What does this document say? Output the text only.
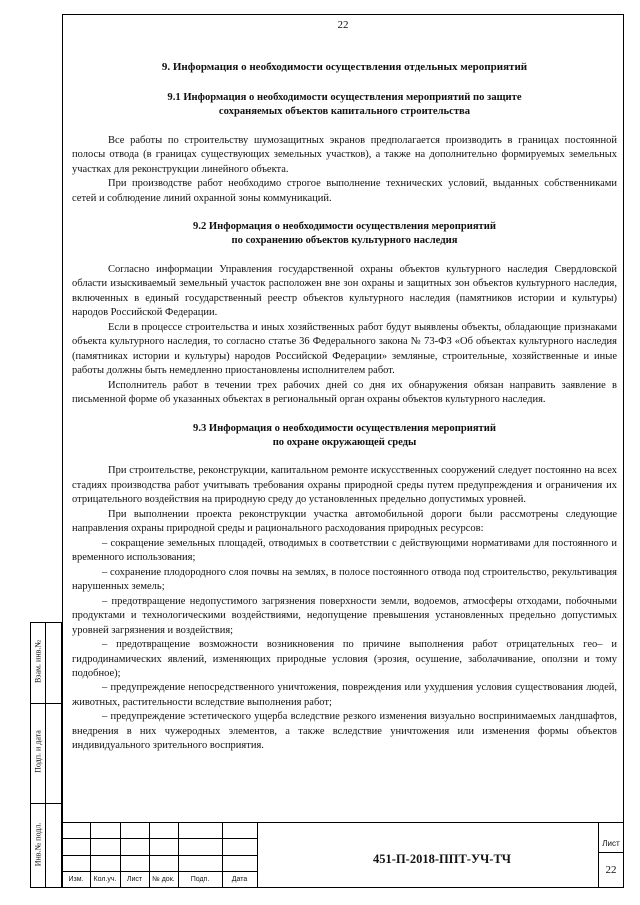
22
9. Информация о необходимости осуществления отдельных мероприятий
9.1 Информация о необходимости осуществления мероприятий по защите
сохраняемых объектов капитального строительства

Все работы по строительству шумозащитных экранов предполагается производить в границах постоянной полосы отвода (в границах существующих земельных участков), а также на дополнительно формируемых земельных участках для реконструкции линейного объекта.

При производстве работ необходимо строгое выполнение технических условий, выданных собственниками сетей и соблюдение линий охранной зоны коммуникаций.

9.2 Информация о необходимости осуществления мероприятий
по сохранению объектов культурного наследия

Согласно информации Управления государственной охраны объектов культурного наследия Свердловской области изыскиваемый земельный участок расположен вне зон охраны и защитных зон объектов культурного наследия, включенных в единый государственный реестр объектов культурного наследия (памятников истории и культуры) народов Российской Федерации.

Если в процессе строительства и иных хозяйственных работ будут выявлены объекты, обладающие признаками объекта культурного наследия, то согласно статье 36 Федерального закона № 73-ФЗ «Об объектах культурного наследия (памятниках истории и культуры) народов Российской Федерации» земляные, строительные, хозяйственные и иные работы должны быть немедленно приостановлены исполнителем работ.

Исполнитель работ в течении трех рабочих дней со дня их обнаружения обязан направить заявление в письменной форме об указанных объектах в региональный орган охраны объектов культурного наследия.

9.3 Информация о необходимости осуществления мероприятий
по охране окружающей среды

При строительстве, реконструкции, капитальном ремонте искусственных сооружений следует постоянно на всех стадиях производства работ учитывать требования охраны природной среды путем предупреждения и ограничения их отрицательного воздействия на природную среду до установленных предельно допустимых уровней.

При выполнении проекта реконструкции участка автомобильной дороги были рассмотрены следующие направления охраны природной среды и рационального расходования природных ресурсов:

– сокращение земельных площадей, отводимых в соответствии с действующими нормативами для постоянного и временного использования;

– сохранение плодородного слоя почвы на землях, в полосе постоянного отвода под строительство, рекультивация нарушенных земель;

– предотвращение недопустимого загрязнения поверхности земли, водоемов, атмосферы отходами, побочными продуктами и технологическими воздействиями, недопущение превышения установленных предельно допустимых уровней загрязнения и воздействия;

– предотвращение возможности возникновения по причине выполнения работ отрицательных гео– и гидродинамических явлений, изменяющих природные условия (эрозия, осушение, заболачивание, оползни и тому подобное);

– предупреждение непосредственного уничтожения, повреждения или ухудшения условия существования людей, животных, растительности вследствие выполнения работ;

– предупреждение эстетического ущерба вследствие резкого изменения визуально воспринимаемых ландшафтов, внедрения в них чужеродных элементов, а также вследствие уничтожения или изменения формы объектов индивидуального зрительного восприятия.

Взам. инв.№
Подп. и дата
Инв.№ подл.
Изм.	Кол.уч.	Лист	№ док.	Подп.	Дата
451-П-2018-ППТ-УЧ-ТЧ
Лист
22
